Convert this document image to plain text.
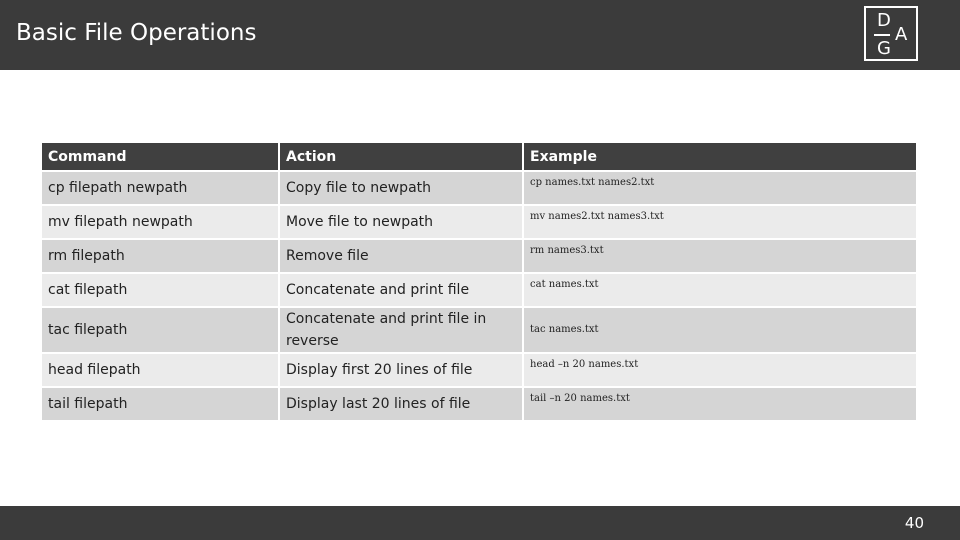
Basic File Operations	D
A
G
Command	Action	Example
cp filepath newpath	Copy file to newpath	cp names.txt names2.txt
mv filepath newpath	Move file to newpath	mv names2.txt names3.txt
rm filepath	Remove file	rm names3.txt
cat filepath	Concatenate and print file	cat names.txt
tac filepath	Concatenate and print file in reverse	tac names.txt
head filepath	Display first 20 lines of file	head –n 20 names.txt
tail filepath	Display last 20 lines of file	tail –n 20 names.txt
40
